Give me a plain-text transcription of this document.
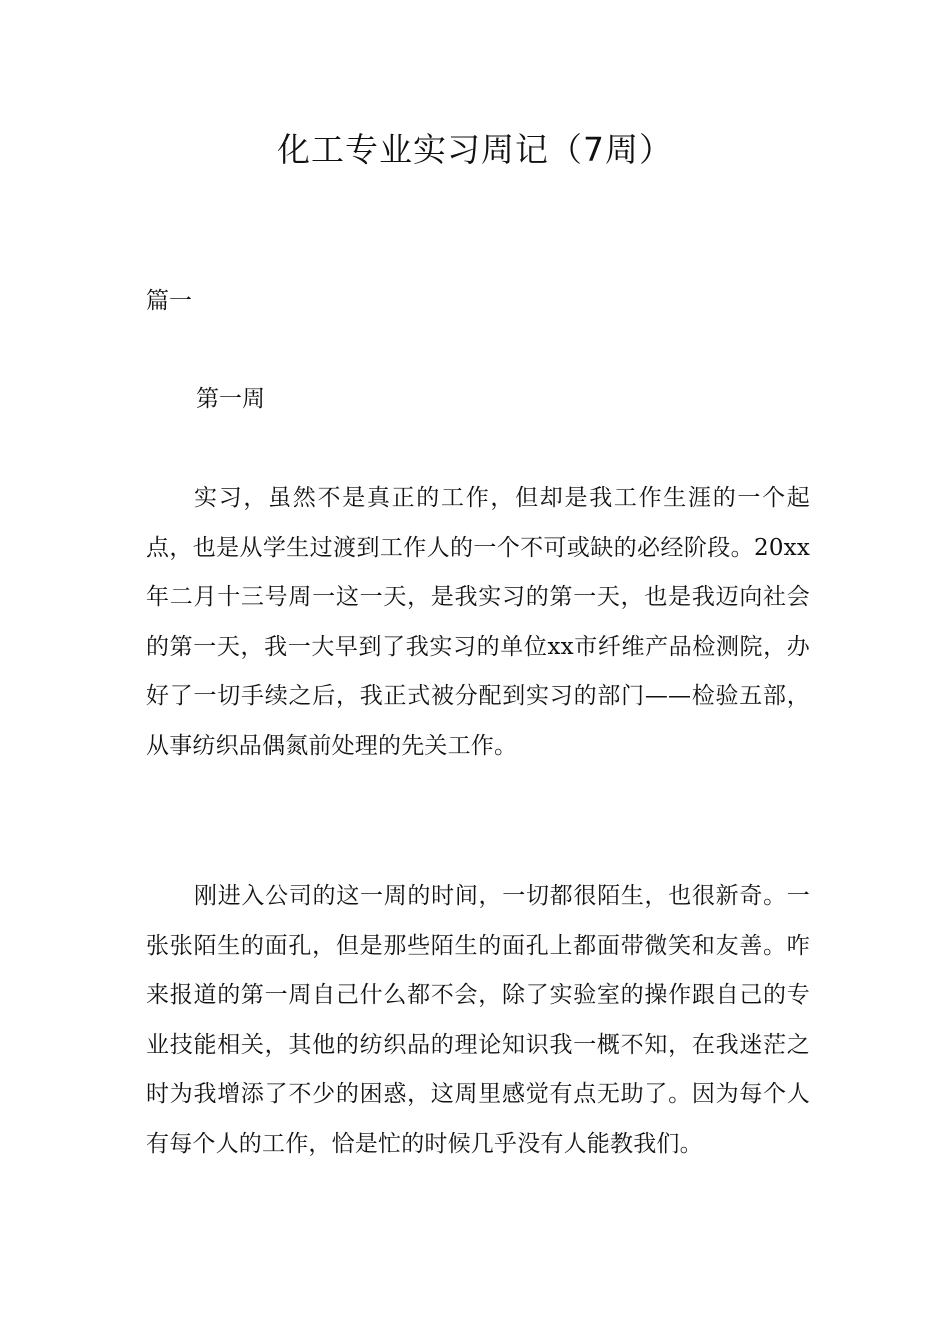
化工专业实习周记（7周）

篇一

第一周

实习，虽然不是真正的工作，但却是我工作生涯的一个起点，也是从学生过渡到工作人的一个不可或缺的必经阶段。20xx年二月十三号周一这一天，是我实习的第一天，也是我迈向社会的第一天，我一大早到了我实习的单位xx市纤维产品检测院，办好了一切手续之后，我正式被分配到实习的部门——检验五部，从事纺织品偶氮前处理的先关工作。

刚进入公司的这一周的时间，一切都很陌生，也很新奇。一张张陌生的面孔，但是那些陌生的面孔上都面带微笑和友善。咋来报道的第一周自己什么都不会，除了实验室的操作跟自己的专业技能相关，其他的纺织品的理论知识我一概不知，在我迷茫之时为我增添了不少的困惑，这周里感觉有点无助了。因为每个人有每个人的工作，恰是忙的时候几乎没有人能教我们。
